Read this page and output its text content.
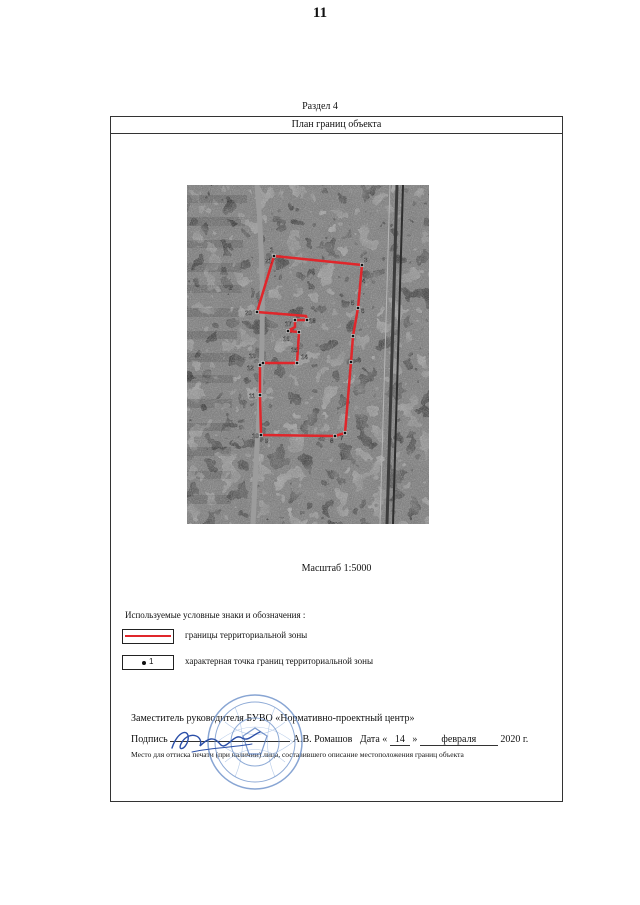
11
Раздел 4
План границ объекта
1
3
4
5
6
7
8
9
10
11
12
13	14
15
16
17	18
20
21
Масштаб 1:5000
Используемые условные знаки и обозначения :
границы территориальной зоны
1	характерная точка границ территориальной зоны
Заместитель руководителя БУВО «Нормативно-проектный центр»
Подпись	А.В. Ромашов Дата « 14 » февраля 2020 г.
Место для оттиска печати (при наличии) лица, составившего описание местоположения границ объекта
